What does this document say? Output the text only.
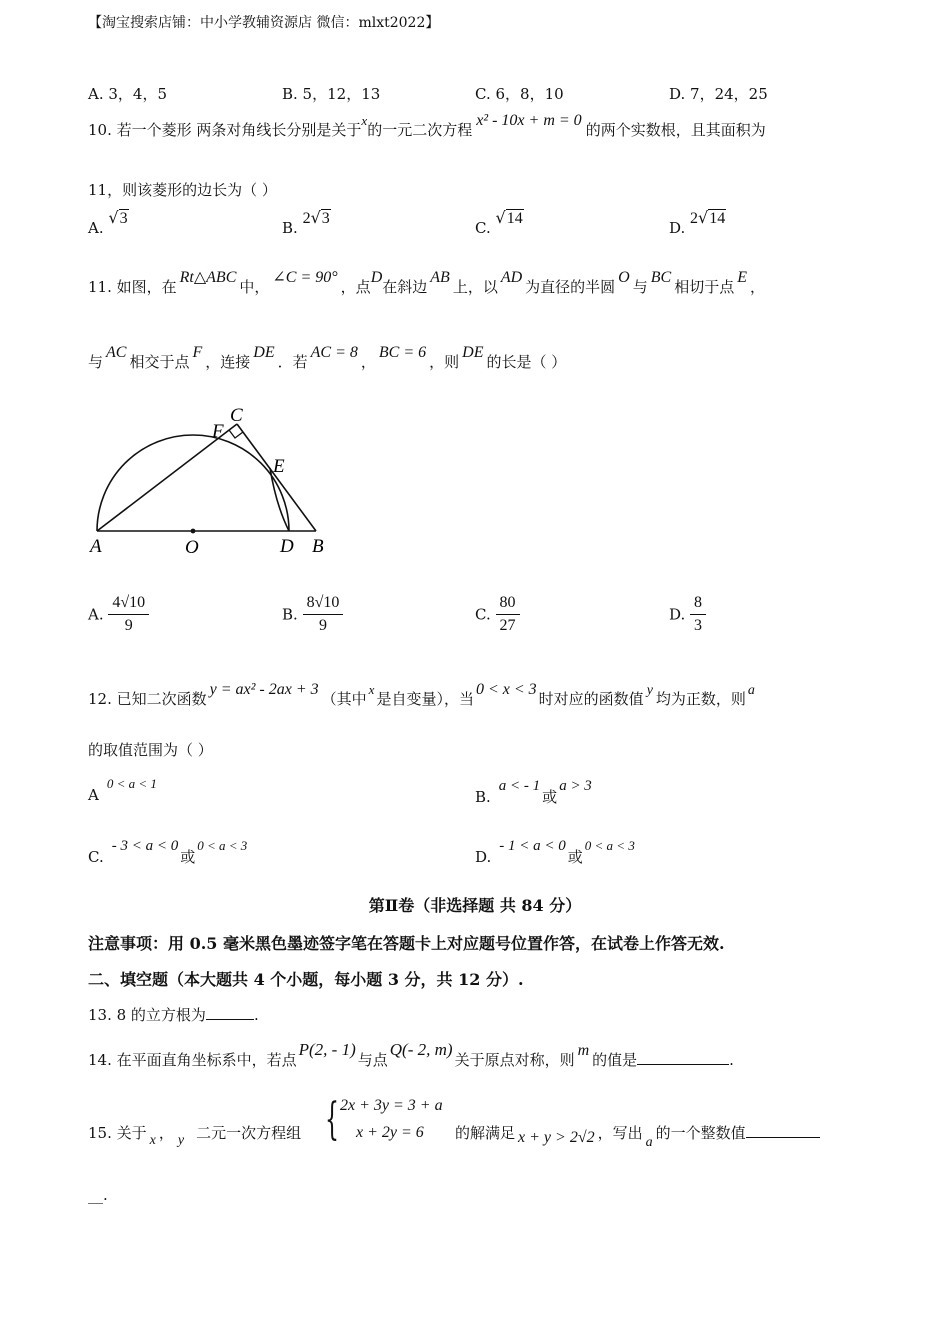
【淘宝搜索店铺：中小学教辅资源店 微信：mlxt2022】
A. 3，4，5	B. 5，12，13	C. 6，8，10	D. 7，24，25
10. 若一个菱形 两条对角线长分别是关于x的一元二次方程x² - 10x + m = 0的两个实数根，且其面积为
11，则该菱形的边长为（ ）
A. √3
B. 2√3
C. √14
D. 2√14
11. 如图，在Rt△ABC中，∠C = 90°，点D在斜边AB上，以AD为直径的半圆O与BC相切于点E，
与AC相交于点F，连接DE．若AC = 8，BC = 6，则DE的长是（ ）
A	O	D B
C
F
E
A. $\frac{4√10}{9}$	B. $\frac{8√10}{9}$	C. $\frac{80}{27}$	D. $\frac{8}{3}$
12. 已知二次函数y = ax² - 2ax + 3（其中x是自变量），当0 < x < 3时对应的函数值 y 均为正数，则 a
的取值范围为（ ）
A0 < a < 1
B.a < - 1或a > 3
C.- 3 < a < 0或0 < a < 3
D.- 1 < a < 0或0 < a < 3
第Ⅱ卷（非选择题 共 84 分）
注意事项：用 0.5 毫米黑色墨迹签字笔在答题卡上对应题号位置作答，在试卷上作答无效.
二、填空题（本大题共 4 个小题，每小题 3 分，共 12 分）.
13. 8 的立方根为	.
14. 在平面直角坐标系中，若点P(2, - 1)与点Q(- 2, m)关于原点对称，则m的值是	.
15. 关于 x ， y 二元一次方程组 { 2x + 3y = 3 + a
x + 2y = 6 的解满足 x + y > 2√2 ，写出a的一个整数值
__.
